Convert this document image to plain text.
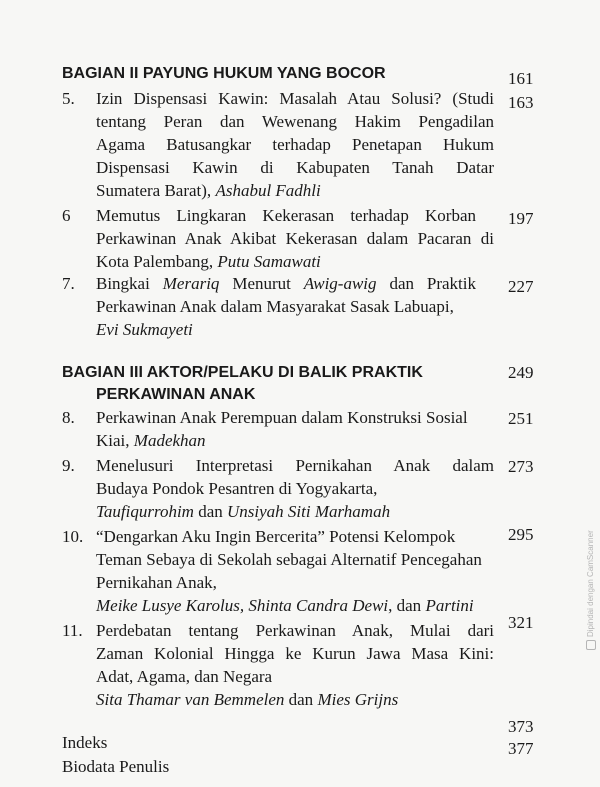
BAGIAN II PAYUNG HUKUM YANG BOCOR	161
5. Izin Dispensasi Kawin: Masalah Atau Solusi? (Studi
tentang Peran dan Wewenang Hakim Pengadilan
Agama Batusangkar terhadap Penetapan Hukum
Dispensasi Kawin di Kabupaten Tanah Datar
Sumatera Barat), Ashabul Fadhli
163
6 Memutus Lingkaran Kekerasan terhadap Korban
Perkawinan Anak Akibat Kekerasan dalam Pacaran di
Kota Palembang, Putu Samawati
197
7. Bingkai Merariq Menurut Awig-awig dan Praktik
Perkawinan Anak dalam Masyarakat Sasak Labuapi,
Evi Sukmayeti
227
BAGIAN III AKTOR/PELAKU DI BALIK PRAKTIK
PERKAWINAN ANAK
249
8. Perkawinan Anak Perempuan dalam Konstruksi Sosial
Kiai, Madekhan
251
9. Menelusuri Interpretasi Pernikahan Anak dalam
Budaya Pondok Pesantren di Yogyakarta,
Taufiqurrohim dan Unsiyah Siti Marhamah
273
10. “Dengarkan Aku Ingin Bercerita” Potensi Kelompok
Teman Sebaya di Sekolah sebagai Alternatif Pencegahan
Pernikahan Anak,
Meike Lusye Karolus, Shinta Candra Dewi, dan Partini
295
11. Perdebatan tentang Perkawinan Anak, Mulai dari
Zaman Kolonial Hingga ke Kurun Jawa Masa Kini:
Adat, Agama, dan Negara
Sita Thamar van Bemmelen dan Mies Grijns
321
373
Indeks	377
Biodata Penulis
Dipindai dengan CamScanner
